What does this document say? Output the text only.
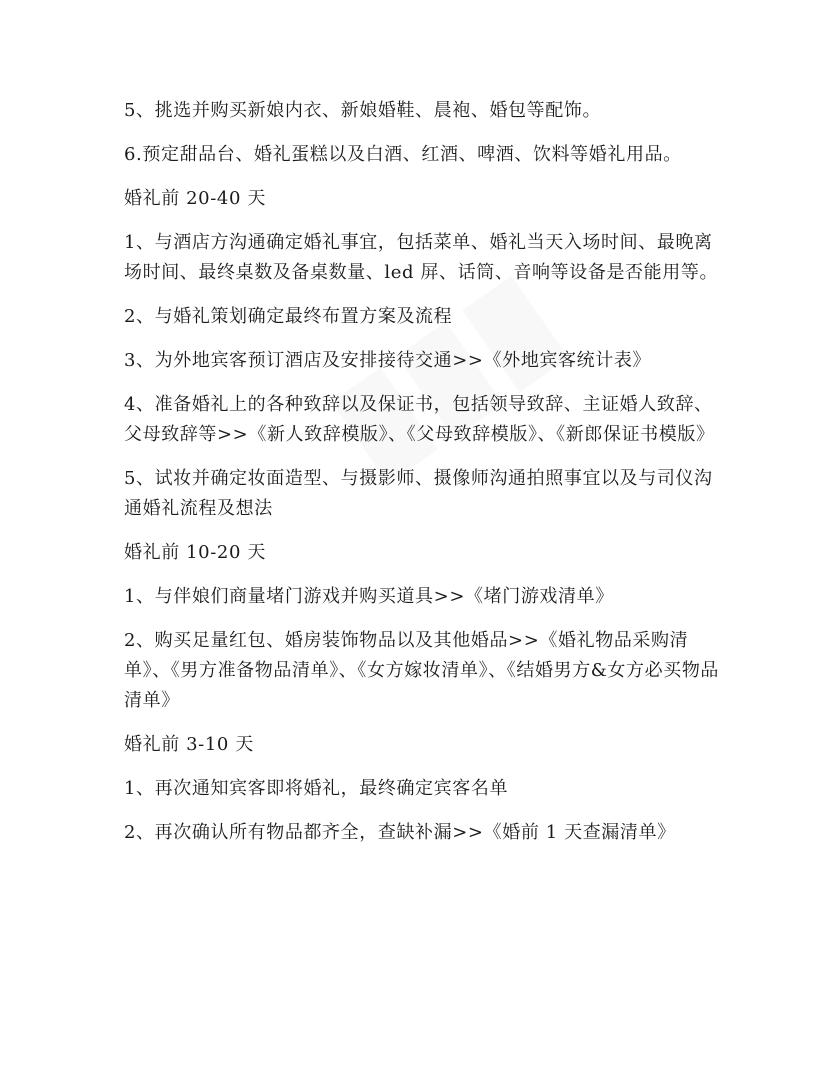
5、挑选并购买新娘内衣、新娘婚鞋、晨袍、婚包等配饰。

6.预定甜品台、婚礼蛋糕以及白酒、红酒、啤酒、饮料等婚礼用品。

婚礼前 20-40 天

1、与酒店方沟通确定婚礼事宜，包括菜单、婚礼当天入场时间、最晚离场时间、最终桌数及备桌数量、led 屏、话筒、音响等设备是否能用等。

2、与婚礼策划确定最终布置方案及流程

3、为外地宾客预订酒店及安排接待交通>>《外地宾客统计表》

4、准备婚礼上的各种致辞以及保证书，包括领导致辞、主证婚人致辞、父母致辞等>>《新人致辞模版》、《父母致辞模版》、《新郎保证书模版》

5、试妆并确定妆面造型、与摄影师、摄像师沟通拍照事宜以及与司仪沟通婚礼流程及想法

婚礼前 10-20 天

1、与伴娘们商量堵门游戏并购买道具>>《堵门游戏清单》

2、购买足量红包、婚房装饰物品以及其他婚品>>《婚礼物品采购清单》、《男方准备物品清单》、《女方嫁妆清单》、《结婚男方&女方必买物品清单》

婚礼前 3-10 天

1、再次通知宾客即将婚礼，最终确定宾客名单

2、再次确认所有物品都齐全，查缺补漏>>《婚前 1 天查漏清单》
